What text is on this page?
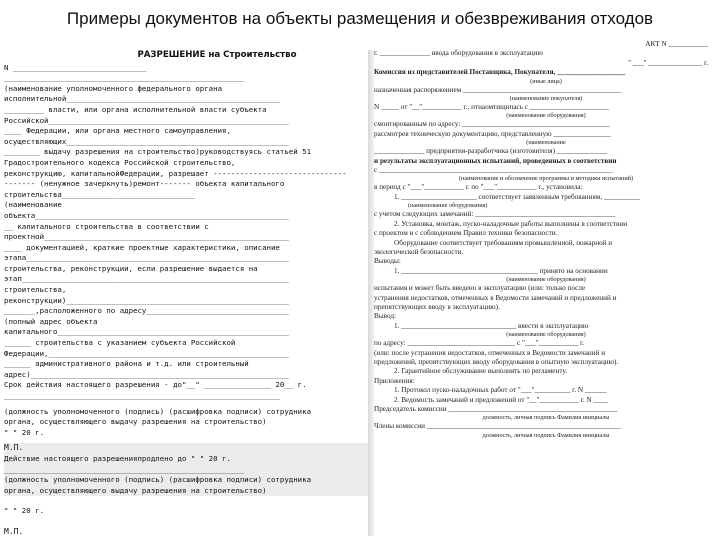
Примеры документов на объекты размещения и обезвреживания отходов
РАЗРЕШЕНИЕ на Строительство
N ______________________________
______________________________________________________
(наименование уполномоченного федерального органа
исполнительной________________________________________________
_________ власти, или органа исполнительной власти субъекта
Российской______________________________________________________
____ Федерации, или органа местного самоуправления,
осуществляющих__________________________________________________
________ выдачу разрешения на строительство)руководствуясь статьей 51
Градостроительного кодекса Российской строительство,
реконструкцию, капитальнойФедерации, разрешает ------------------------------
------- (ненужное зачеркнуть)ремонт------- объекта капитального
строительства______________________________
(наименование
объекта_________________________________________________________
__ капитального строительства в соответствии с
проектной_______________________________________________________
____ документацией, краткие проектные характеристики, описание
этапа___________________________________________________________
строительства, реконструкции, если разрешение выдается на
этап____________________________________________________________
строительства,
реконструкции)__________________________________________________
_______,расположенного по адресу________________________________
(полный адрес объекта
капитального____________________________________________________
______ строительства с указанием субъекта Российской
Федерации,______________________________________________________
______ административного района и т.д. или строительный
адрес)__________________________________________________________
Срок действия настоящего разрешения - до"__" _______________ 20__ г.
______________________________________________________________
(должность уполномоченного (подпись) (расшифровка подписи) сотрудника
органа, осуществляющего выдачу разрешения на строительство)
" " 20 г.
М.П.
Действие настоящего разрешенияпродлено до " " 20 г.
______________________________________________________
(должность уполномоченного (подпись) (расшифровка подписи) сотрудника
органа, осуществляющего выдачу разрешения на строительство)
" " 20 г.
М.П.
АКТ N ___________
г. ______________ ввода оборудования в эксплуатацию
" ___" _______________ г.
Комиссия из представителей Поставщика, Покупателя, ___________________
(иные лица)
назначенная распоряжением ____________________________________________
(наименование покупателя)
N _____ от "__"___________ г., птнаомтищнпась с ______________________
(наименование оборудования)
смонтированным по адресу: _________________________________________
рассмотрев техническую документацию, представленную ________________
(наименование
______________ предприятия-разработчика (изготовителя) ______________
и результаты эксплуатационных испытаний, проведенных в соответствии
с _________________________________________________________________
(наименование и обозначение программы и методики испытаний)
в период с "___"___________ г. по "___"___________ г., установила:
1. _____________________ соответствует заявленным требованиям, __________
(наименование оборудования)
с учетом следующих замечаний: _______________________________________
2. Установка, монтаж, пуско-наладочные работы выполнены в соответствии
с проектом и с соблюдением Правил техники безопасности.
Оборудование соответствует требованиям промышленной, пожарной и
экологической безопасности.
Выводы:
1. ______________________________________ принято на основании
(наименование оборудования)
испытания и может быть введено в эксплуатацию (или: только после
устранения недостатков, отмеченных в Ведомости замечаний и предложений и
препятствующих вводу в эксплуатацию).
Вывод:
1. ________________________________ ввести в эксплуатацию
(наименование оборудования)
по адресу: ______________________________ с "___"___________ г.
(или: после устранения недостатков, отмеченных в Ведомости замечаний и
предложений, препятствующих вводу оборудования в опытную эксплуатацию).
2. Гарантийное обслуживание выполнять по регламенту.
Приложения:
1. Протокол пуско-наладочных работ от "___"__________ г. N ______
2. Ведомость замечаний и предложений от "__"___________ г. N ____
Председатель комиссии _______________________________________________
должность, личная подпись Фамилия инициалы
Члены комиссии ______________________________________________________
должность, личная подпись Фамилия инициалы
